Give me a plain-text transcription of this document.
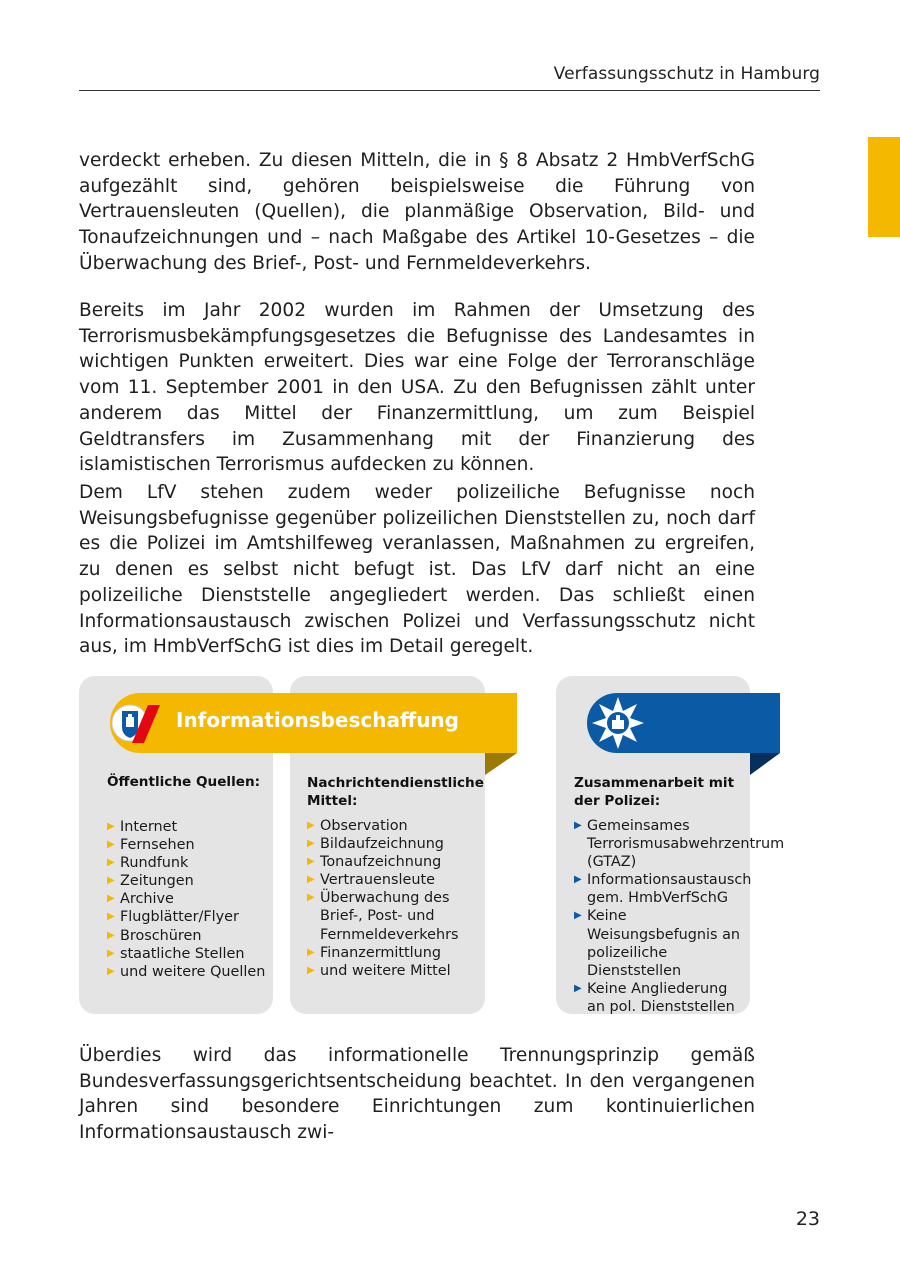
Verfassungsschutz in Hamburg

verdeckt erheben. Zu diesen Mitteln, die in § 8 Absatz 2 HmbVerfSchG aufgezählt sind, gehören beispielsweise die Führung von Vertrauensleuten (Quellen), die planmäßige Observation, Bild- und Tonaufzeichnungen und – nach Maßgabe des Artikel 10-Gesetzes – die Überwachung des Brief-, Post- und Fernmeldeverkehrs.

Bereits im Jahr 2002 wurden im Rahmen der Umsetzung des Terrorismusbekämpfungsgesetzes die Befugnisse des Landesamtes in wichtigen Punkten erweitert. Dies war eine Folge der Terroranschläge vom 11. September 2001 in den USA. Zu den Befugnissen zählt unter anderem das Mittel der Finanzermittlung, um zum Beispiel Geldtransfers im Zusammenhang mit der Finanzierung des islamistischen Terrorismus aufdecken zu können.

Dem LfV stehen zudem weder polizeiliche Befugnisse noch Weisungsbefugnisse gegenüber polizeilichen Dienststellen zu, noch darf es die Polizei im Amtshilfeweg veranlassen, Maßnahmen zu ergreifen, zu denen es selbst nicht befugt ist. Das LfV darf nicht an eine polizeiliche Dienststelle angegliedert werden. Das schließt einen Informationsaustausch zwischen Polizei und Verfassungsschutz nicht aus, im HmbVerfSchG ist dies im Detail geregelt.

Informationsbeschaffung

Öffentliche Quellen:

▶ Internet
▶ Fernsehen
▶ Rundfunk
▶ Zeitungen
▶ Archive
▶ Flugblätter/Flyer
▶ Broschüren
▶ staatliche Stellen
▶ und weitere Quellen

Nachrichtendienstliche Mittel:

▶ Observation
▶ Bildaufzeichnung
▶ Tonaufzeichnung
▶ Vertrauensleute
▶ Überwachung des Brief-, Post- und Fernmeldeverkehrs
▶ Finanzermittlung
▶ und weitere Mittel

Zusammenarbeit mit der Polizei:

▶ Gemeinsames Terrorismusabwehrzentrum (GTAZ)
▶ Informationsaustausch gem. HmbVerfSchG
▶ Keine Weisungsbefugnis an polizeiliche Dienststellen
▶ Keine Angliederung an pol. Dienststellen

Überdies wird das informationelle Trennungsprinzip gemäß Bundesverfassungsgerichtsentscheidung beachtet. In den vergangenen Jahren sind besondere Einrichtungen zum kontinuierlichen Informationsaustausch zwi-

23
